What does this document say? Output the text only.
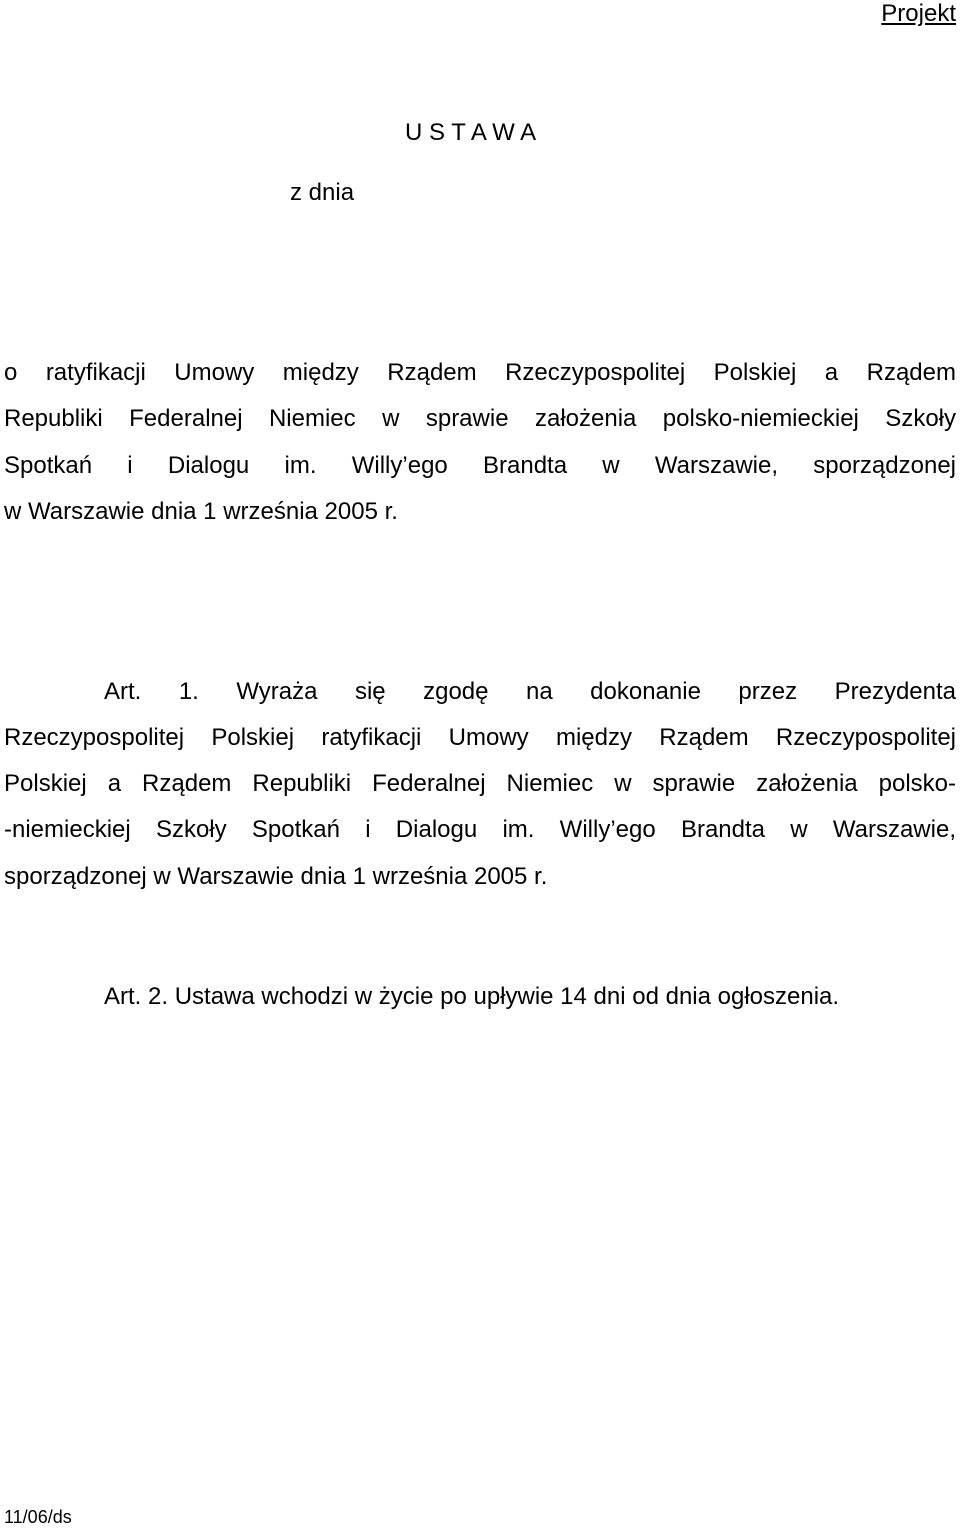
Projekt
U S T A W A
z dnia
o ratyfikacji Umowy między Rządem Rzeczypospolitej Polskiej a Rządem
Republiki Federalnej Niemiec w sprawie założenia polsko-niemieckiej Szkoły
Spotkań i Dialogu im. Willy’ego Brandta w Warszawie, sporządzonej
w Warszawie dnia 1 września 2005 r.
Art. 1. Wyraża się zgodę na dokonanie przez Prezydenta
Rzeczypospolitej Polskiej ratyfikacji Umowy między Rządem Rzeczypospolitej
Polskiej a Rządem Republiki Federalnej Niemiec w sprawie założenia polsko-
-niemieckiej Szkoły Spotkań i Dialogu im. Willy’ego Brandta w Warszawie,
sporządzonej w Warszawie dnia 1 września 2005 r.
Art. 2. Ustawa wchodzi w życie po upływie 14 dni od dnia ogłoszenia.
11/06/ds
